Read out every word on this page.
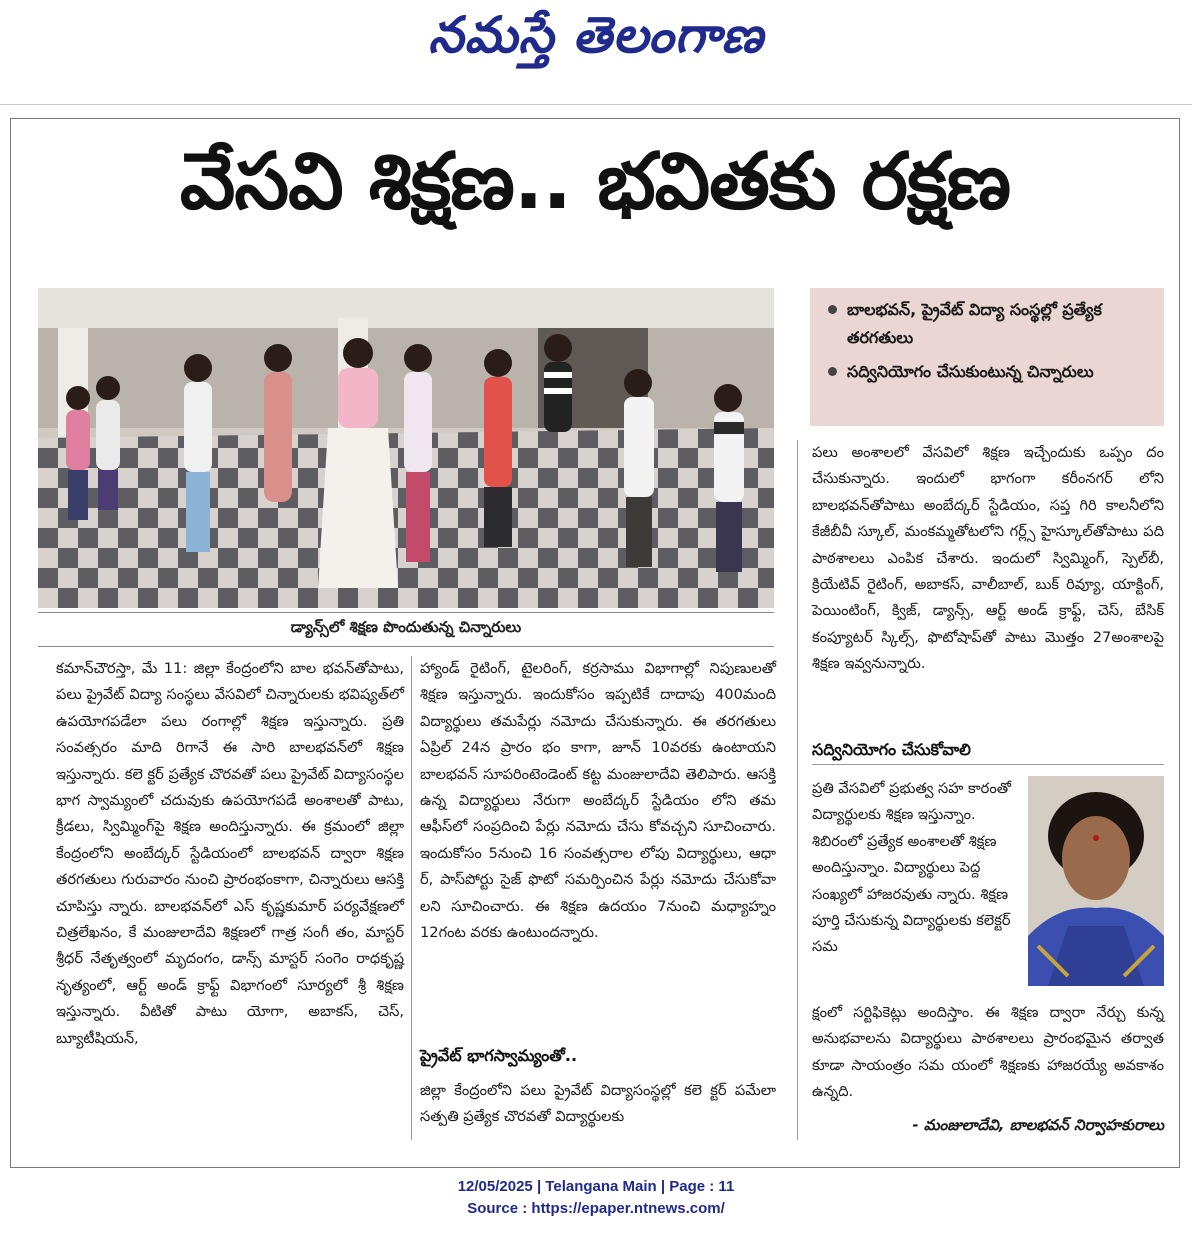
నమస్తే తెలంగాణ
వేసవి శిక్షణ.. భవితకు రక్షణ
డ్యాన్స్‌లో శిక్షణ పొందుతున్న చిన్నారులు
బాలభవన్, ప్రైవేట్ విద్యా సంస్థల్లో ప్రత్యేక తరగతులు
సద్వినియోగం చేసుకుంటున్న చిన్నారులు

కమాన్‌చౌరస్తా, మే 11: జిల్లా కేంద్రంలోని బాల భవన్‌తోపాటు, పలు ప్రైవేట్ విద్యా సంస్థలు వేసవిలో చిన్నారులకు భవిష్యత్‌లో ఉపయోగపడేలా పలు రంగాల్లో శిక్షణ ఇస్తున్నారు. ప్రతి సంవత్సరం మాది రిగానే ఈ సారి బాలభవన్‌లో శిక్షణ ఇస్తున్నారు. కలె క్టర్ ప్రత్యేక చొరవతో పలు ప్రైవేట్ విద్యాసంస్థల భాగ స్వామ్యంలో చదువుకు ఉపయోగపడే అంశాలతో పాటు, క్రీడలు, స్విమ్మింగ్‌పై శిక్షణ అందిస్తున్నారు. ఈ క్రమంలో జిల్లా కేంద్రంలోని అంబేద్కర్ స్టేడియంలో బాలభవన్ ద్వారా శిక్షణ తరగతులు గురువారం నుంచి ప్రారంభంకాగా, చిన్నారులు ఆసక్తి చూపిస్తు న్నారు. బాలభవన్‌లో ఎస్ కృష్ణకుమార్ పర్యవేక్షణలో చిత్రలేఖనం, కే మంజులాదేవి శిక్షణలో గాత్ర సంగీ తం, మాస్టర్ శ్రీధర్ నేతృత్వంలో మృదంగం, డాన్స్ మాస్టర్ సంగెం రాధకృష్ణ నృత్యంలో, ఆర్ట్ అండ్ క్రాఫ్ట్ విభాగంలో సూర్యలో శ్రీ శిక్షణ ఇస్తున్నారు. వీటితో పాటు యోగా, అబాకస్, చెస్, బ్యూటీషియన్,

హ్యాండ్ రైటింగ్, టైలరింగ్, కర్రసాము విభాగాల్లో నిపుణులతో శిక్షణ ఇస్తున్నారు. ఇందుకోసం ఇప్పటికే దాదాపు 400మంది విద్యార్థులు తమపేర్లు నమోదు చేసుకున్నారు. ఈ తరగతులు ఏప్రిల్ 24న ప్రారం భం కాగా, జూన్ 10వరకు ఉంటాయని బాలభవన్ సూపరింటెండెంట్ కట్ట మంజులాదేవి తెలిపారు. ఆసక్తి ఉన్న విద్యార్థులు నేరుగా అంబేద్కర్ స్టేడియం లోని తమ ఆఫీస్‌లో సంప్రదించి పేర్లు నమోదు చేసు కోవచ్చని సూచించారు. ఇందుకోసం 5నుంచి 16 సంవత్సరాల లోపు విద్యార్థులు, ఆధా ర్, పాస్‌పోర్టు సైజ్ ఫొటో సమర్పించిన పేర్లు నమోదు చేసుకోవా లని సూచించారు. ఈ శిక్షణ ఉదయం 7నుంచి మధ్యాహ్నం 12గంట వరకు ఉంటుందన్నారు.

ప్రైవేట్ భాగస్వామ్యంతో..

జిల్లా కేంద్రంలోని పలు ప్రైవేట్ విద్యాసంస్థల్లో కలె క్టర్ పమేలా సత్పతి ప్రత్యేక చొరవతో విద్యార్థులకు

పలు అంశాలలో వేసవిలో శిక్షణ ఇచ్చేందుకు ఒప్పం దం చేసుకున్నారు. ఇందులో భాగంగా కరీంనగర్ లోని బాలభవన్‌తోపాటు అంబేద్కర్ స్టేడియం, సప్త గిరి కాలనీలోని కేజీబీవీ స్కూల్, మంకమ్మతోటలోని గర్ల్స్ హైస్కూల్‌తోపాటు పది పాఠశాలలు ఎంపిక చేశారు. ఇందులో స్విమ్మింగ్, స్పెల్‌బీ, క్రియేటివ్ రైటింగ్, అబాకస్, వాలీబాల్, బుక్ రివ్యూ, యాక్టింగ్, పెయింటింగ్, క్విజ్, డ్యాన్స్, ఆర్ట్ అండ్ క్రాఫ్ట్, చెస్, బేసిక్ కంప్యూటర్ స్కిల్స్, ఫొటోషాప్‌తో పాటు మొత్తం 27అంశాలపై శిక్షణ ఇవ్వనున్నారు.

సద్వినియోగం చేసుకోవాలి
ప్రతి వేసవిలో ప్రభుత్వ సహ కారంతో విద్యార్థులకు శిక్షణ ఇస్తున్నాం. శిబిరంలో ప్రత్యేక అంశాలతో శిక్షణ అందిస్తున్నాం. విద్యార్థులు పెద్ద సంఖ్యలో హాజరవుతు న్నారు. శిక్షణ పూర్తి చేసుకున్న విద్యార్థులకు కలెక్టర్ సమ
క్షంలో సర్టిఫికెట్లు అందిస్తాం. ఈ శిక్షణ ద్వారా నేర్చు కున్న అనుభవాలను విద్యార్థులు పాఠశాలలు ప్రారంభమైన తర్వాత కూడా సాయంత్రం సమ యంలో శిక్షణకు హాజరయ్యే అవకాశం ఉన్నది.
- మంజులాదేవి, బాలభవన్ నిర్వాహకురాలు
12/05/2025 | Telangana Main | Page : 11
Source : https://epaper.ntnews.com/
